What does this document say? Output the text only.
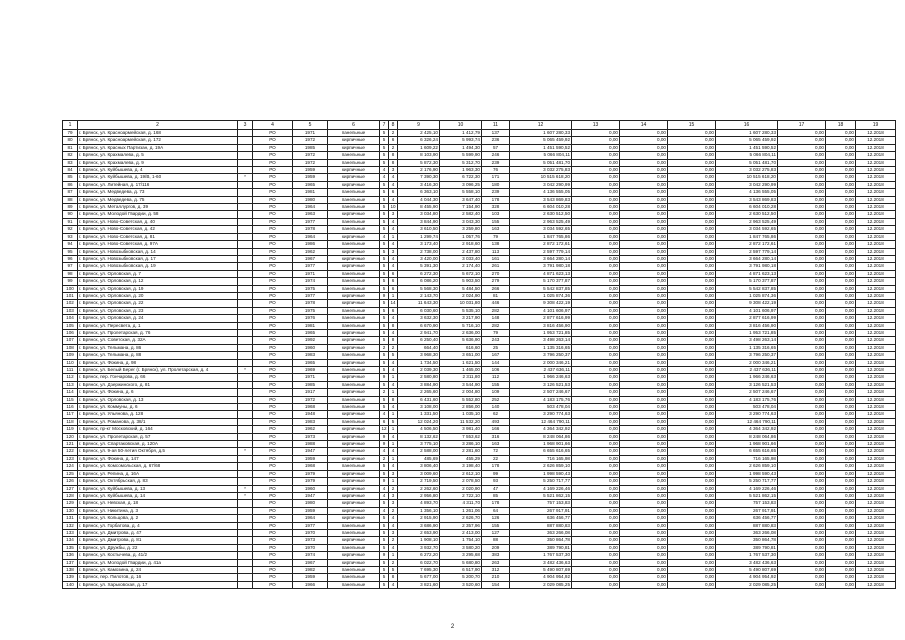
1	2	3	4	5	6	7	8	9	10	11	12	13	14	15	16	17	18	19
79	г. Брянск, ул. Красноармейская, д. 168		РО	1971	панельные	5	2	2 425,10	1 412,79	137	1 607 280,33	0,00	0,00	0,00	1 607 280,33	0,00	0,00	12.2018
80	г. Брянск, ул. Красноармейская, д. 172		РО	1972	кирпичные	5	6	6 326,24	5 993,74	236	5 065 459,92	0,00	0,00	0,00	5 065 459,92	0,00	0,00	12.2018
81	г. Брянск, ул. Красных Партизан, д. 19А		РО	1985	кирпичные	5	2	1 609,22	1 494,30	57	1 451 590,52	0,00	0,00	0,00	1 451 590,52	0,00	0,00	12.2018
82	г. Брянск, ул. Крахмалева, д. 5		РО	1972	панельные	5	8	8 103,90	5 599,90	246	5 066 804,11	0,00	0,00	0,00	5 066 804,11	0,00	0,00	12.2018
83	г. Брянск, ул. Крахмалева, д. 9		РО	1972	панельные	5	8	5 872,30	5 312,70	239	5 051 481,70	0,00	0,00	0,00	5 051 481,70	0,00	0,00	12.2018
84	г. Брянск, ул. Куйбышева, д. 4		РО	1959	кирпичные	4	3	2 176,90	1 963,30	76	3 032 275,83	0,00	0,00	0,00	3 032 275,83	0,00	0,00	12.2018
85	г. Брянск, ул. Куйбышева, д. 19/В, 1-60	*	РО	1959	кирпичные	4	4	7 390,30	6 722,30	171	10 515 618,20	0,00	0,00	0,00	10 515 618,20	0,00	0,00	12.2018
86	г. Брянск, ул. Литейная, д. 17/116		РО	1965	кирпичные	5	4	3 416,30	3 096,25	180	3 042 290,99	0,00	0,00	0,00	3 042 290,99	0,00	0,00	12.2018
87	г. Брянск, ул. Медведева, д. 73		РО	1981	панельные	5	6	6 363,10	5 558,10	239	4 136 555,05	0,00	0,00	0,00	4 136 555,05	0,00	0,00	12.2018
88	г. Брянск, ул. Медведева, д. 75		РО	1980	панельные	5	4	4 044,30	3 647,40	178	3 543 869,83	0,00	0,00	0,00	3 543 869,83	0,00	0,00	12.2018
89	г. Брянск, ул. Металлургов, д. 39		РО	1964	панельные	5	10	8 455,90	7 154,90	328	6 604 010,28	0,00	0,00	0,00	6 604 010,28	0,00	0,00	12.2018
90	г. Брянск, ул. Молодой Гвардии, д. 58		РО	1963	кирпичные	5	3	3 034,80	2 582,40	103	2 630 512,50	0,00	0,00	0,00	2 630 512,50	0,00	0,00	12.2018
91	г. Брянск, ул. Ново-Советская, д. 40		РО	1977	панельные	5	4	3 844,90	3 043,30	155	2 963 525,49	0,00	0,00	0,00	2 963 525,49	0,00	0,00	12.2018
92	г. Брянск, ул. Ново-Советская, д. 42		РО	1978	панельные	5	4	3 610,50	3 259,80	163	3 034 592,65	0,00	0,00	0,00	3 034 592,65	0,00	0,00	12.2018
93	г. Брянск, ул. Ново-Советская, д. 81		РО	1964	кирпичные	4	1	1 299,74	1 057,76	79	1 847 765,86	0,00	0,00	0,00	1 847 765,86	0,00	0,00	12.2018
94	г. Брянск, ул. Ново-Советская, д. 97А		РО	1986	панельные	5	4	3 173,40	2 918,60	138	2 872 172,61	0,00	0,00	0,00	2 872 172,61	0,00	0,00	12.2018
95	г. Брянск, ул. Новозыбковская, д. 14		РО	1962	кирпичные	5	3	2 738,00	2 437,80	113	2 597 779,14	0,00	0,00	0,00	2 597 779,14	0,00	0,00	12.2018
96	г. Брянск, ул. Новозыбковская, д. 17		РО	1967	кирпичные	5	4	3 420,00	3 033,40	161	3 664 280,14	0,00	0,00	0,00	3 664 280,14	0,00	0,00	12.2018
97	г. Брянск, ул. Новозыбковская, д. 19		РО	1977	кирпичные	5	4	5 391,30	2 174,40	261	3 791 980,18	0,00	0,00	0,00	3 791 980,18	0,00	0,00	12.2018
98	г. Брянск, ул. Орловская, д. 7		РО	1971	панельные	5	6	6 272,30	5 672,10	270	4 871 623,13	0,00	0,00	0,00	4 871 623,13	0,00	0,00	12.2018
99	г. Брянск, ул. Орловская, д. 12		РО	1974	панельные	5	6	6 086,20	5 903,50	279	5 170 377,87	0,00	0,00	0,00	5 170 377,87	0,00	0,00	12.2018
100	г. Брянск, ул. Орловская, д. 19		РО	1975	панельные	5	6	5 568,30	5 484,50	266	5 542 837,85	0,00	0,00	0,00	5 542 837,85	0,00	0,00	12.2018
101	г. Брянск, ул. Орловская, д. 20		РО	1977	кирпичные	9	1	2 143,70	2 024,90	81	1 025 874,36	0,00	0,00	0,00	1 025 874,36	0,00	0,00	12.2018
102	г. Брянск, ул. Орловская, д. 22		РО	1978	кирпичные	5	14	11 643,30	10 031,80	446	9 308 422,19	0,00	0,00	0,00	9 308 422,19	0,00	0,00	12.2018
103	г. Брянск, ул. Орловская, д. 23		РО	1975	панельные	5	6	6 030,60	5 535,10	282	4 101 606,97	0,00	0,00	0,00	4 101 606,97	0,00	0,00	12.2018
104	г. Брянск, ул. Орловская, д. 24		РО	1976	панельные	5	4	3 632,30	3 217,90	148	2 877 616,99	0,00	0,00	0,00	2 877 616,99	0,00	0,00	12.2018
105	г. Брянск, ул. Пересвета, д. 1		РО	1981	панельные	5	8	6 670,90	5 716,10	282	3 816 456,90	0,00	0,00	0,00	3 816 456,90	0,00	0,00	12.2018
106	г. Брянск, ул. Пролетарская, д. 76		РО	1965	кирпичные	5	4	2 941,70	2 636,00	79	1 953 721,85	0,00	0,00	0,00	1 953 721,85	0,00	0,00	12.2018
107	г. Брянск, ул. Советская, д. 32А		РО	1992	кирпичные	5	8	6 250,40	5 636,90	243	3 498 263,14	0,00	0,00	0,00	3 498 263,14	0,00	0,00	12.2018
108	г. Брянск, ул. Тельмана, д. 86		РО	1960	кирпичные	2	2	664,40	616,60	25	1 135 316,65	0,00	0,00	0,00	1 135 316,65	0,00	0,00	12.2018
109	г. Брянск, ул. Тельмана, д. 88		РО	1983	панельные	5	5	3 968,30	3 651,00	167	3 796 250,37	0,00	0,00	0,00	3 796 250,37	0,00	0,00	12.2018
110	г. Брянск, ул. Фокина, д. 98		РО	1965	кирпичные	5	4	1 734,50	1 621,50	144	2 000 346,21	0,00	0,00	0,00	2 000 346,21	0,00	0,00	12.2018
111	г. Брянск, ул. Белый Берег (г. Брянск), ул. Пролетарская, д. 4	*	РО	1969	панельные	5	4	2 039,30	1 465,00	106	2 437 636,11	0,00	0,00	0,00	2 437 636,11	0,00	0,00	12.2018
112	г. Брянск, пер. Гончарова, д. 66		РО	1971	кирпичные	9	1	2 580,80	2 311,80	112	1 966 246,63	0,00	0,00	0,00	1 966 246,63	0,00	0,00	12.2018
113	г. Брянск, ул. Дзержинского, д. 81		РО	1985	панельные	5	4	3 884,90	3 544,90	155	3 126 521,53	0,00	0,00	0,00	3 126 521,53	0,00	0,00	12.2018
114	г. Брянск, ул. Фокина, д. 6		РО	1917	кирпичные	2	1	2 265,60	2 004,80	109	2 507 246,67	0,00	0,00	0,00	2 507 246,67	0,00	0,00	12.2018
115	г. Брянск, ул. Орловская, д. 13		РО	1972	панельные	5	8	6 431,60	5 552,80	252	4 183 175,76	0,00	0,00	0,00	4 183 175,76	0,00	0,00	12.2018
116	г. Брянск, ул. Коммуны, д. 6		РО	1968	панельные	5	4	3 108,00	2 856,00	140	503 478,04	0,00	0,00	0,00	503 478,04	0,00	0,00	12.2018
117	г. Брянск, ул. Ульянова, д. 128		РО	1948	кирпичные	4	1	1 331,50	1 035,10	62	3 290 774,63	0,00	0,00	0,00	3 290 774,63	0,00	0,00	12.2018
118	г. Брянск, ул. Романова, д. 38/1		РО	1983	панельные	6	5	12 024,20	11 532,20	493	12 464 790,11	0,00	0,00	0,00	12 464 790,11	0,00	0,00	12.2018
119	г. Брянск, пр-кт Московский, д. 164		РО	1962	кирпичные	12	1	4 506,50	3 981,40	166	4 364 342,92	0,00	0,00	0,00	4 364 342,92	0,00	0,00	12.2018
120	г. Брянск, ул. Пролетарская, д. 57		РО	1973	кирпичные	9	4	8 132,62	7 553,62	316	8 248 064,86	0,00	0,00	0,00	8 248 064,86	0,00	0,00	12.2018
121	г. Брянск, ул. Спартаковская, д. 120А		РО	1988	кирпичные	9	1	3 775,10	3 286,10	163	1 968 901,66	0,00	0,00	0,00	1 968 901,66	0,00	0,00	12.2018
122	г. Брянск, ул. 9-ая 50-летия Октября, д.5	*	РО	1947	кирпичные	4	4	2 588,00	2 281,60	72	6 655 616,65	0,00	0,00	0,00	6 655 616,65	0,00	0,00	12.2018
123	г. Брянск, ул. Фокина, д. 147		РО	1959	кирпичные	2	1	485,69	455,29	22	716 165,98	0,00	0,00	0,00	716 165,98	0,00	0,00	12.2018
124	г. Брянск, ул. Комсомольская, д. 67/68		РО	1968	панельные	5	4	3 806,40	3 198,40	178	2 626 859,10	0,00	0,00	0,00	2 626 859,10	0,00	0,00	12.2018
125	г. Брянск, ул. Репина, д. 16А		РО	1979	кирпичные	5	3	3 009,60	2 612,10	99	1 998 590,43	0,00	0,00	0,00	1 998 590,43	0,00	0,00	12.2018
126	г. Брянск, ул. Октябрьская, д. 83		РО	1979	кирпичные	9	1	2 719,50	2 078,50	93	5 250 717,77	0,00	0,00	0,00	5 250 717,77	0,00	0,00	12.2018
127	г. Брянск, ул. Куйбышева, д. 13	*	РО	1960	кирпичные	4	2	2 262,60	2 020,90	47	4 169 226,46	0,00	0,00	0,00	4 169 226,46	0,00	0,00	12.2018
128	г. Брянск, ул. Куйбышева, д. 14	*	РО	1947	кирпичные	4	3	2 956,80	2 722,10	85	5 521 862,15	0,00	0,00	0,00	5 521 862,15	0,00	0,00	12.2018
129	г. Брянск, ул. Невская, д. 18		РО	1980	кирпичные	5	3	4 893,70	4 311,70	178	757 153,83	0,00	0,00	0,00	757 153,83	0,00	0,00	12.2018
130	г. Брянск, ул. Никитина, д. 3		РО	1959	кирпичные	4	2	1 356,10	1 261,06	64	267 917,91	0,00	0,00	0,00	267 917,91	0,00	0,00	12.2018
131	г. Брянск, ул. Кольцова, д. 2		РО	1964	кирпичные	5	4	2 915,90	2 626,70	126	636 456,77	0,00	0,00	0,00	636 456,77	0,00	0,00	12.2018
132	г. Брянск, ул. Горбатова, д. 4		РО	1977	панельные	5	4	3 686,90	2 357,96	155	887 880,83	0,00	0,00	0,00	887 880,83	0,00	0,00	12.2018
133	г. Брянск, ул. Дмитрова, д. 47		РО	1970	панельные	5	3	2 653,90	2 413,00	127	363 266,08	0,00	0,00	0,00	363 266,08	0,00	0,00	12.2018
134	г. Брянск, ул. Дмитрова, д. 81		РО	1973	кирпичные	5	2	1 908,10	1 754,10	88	350 864,78	0,00	0,00	0,00	350 864,78	0,00	0,00	12.2018
135	г. Брянск, ул. Дружбы, д. 22		РО	1970	панельные	5	4	3 932,70	3 580,20	209	389 790,81	0,00	0,00	0,00	389 790,81	0,00	0,00	12.2018
136	г. Брянск, ул. Костычева, д. 41/2		РО	1974	кирпичные	9	1	6 272,20	3 295,68	383	1 767 537,30	0,00	0,00	0,00	1 767 537,30	0,00	0,00	12.2018
137	г. Брянск, ул. Молодой Гвардии, д. 41а		РО	1967	кирпичные	5	2	6 022,70	5 680,80	263	3 482 436,63	0,00	0,00	0,00	3 482 436,63	0,00	0,00	12.2018
138	г. Брянск, ул. Камозина, д. 24		РО	1982	панельные	5	5	7 695,30	6 517,90	312	5 490 807,69	0,00	0,00	0,00	5 490 807,69	0,00	0,00	12.2018
139	г. Брянск, пер. Пилотов, д. 16		РО	1959	панельные	5	8	5 677,00	5 200,70	210	4 904 954,92	0,00	0,00	0,00	4 904 954,92	0,00	0,00	12.2018
140	г. Брянск, ул. Харьковская, д. 17		РО	1966	панельные	5	4	3 821,60	3 520,60	154	2 029 085,25	0,00	0,00	0,00	2 029 085,25	0,00	0,00	12.2018
2
